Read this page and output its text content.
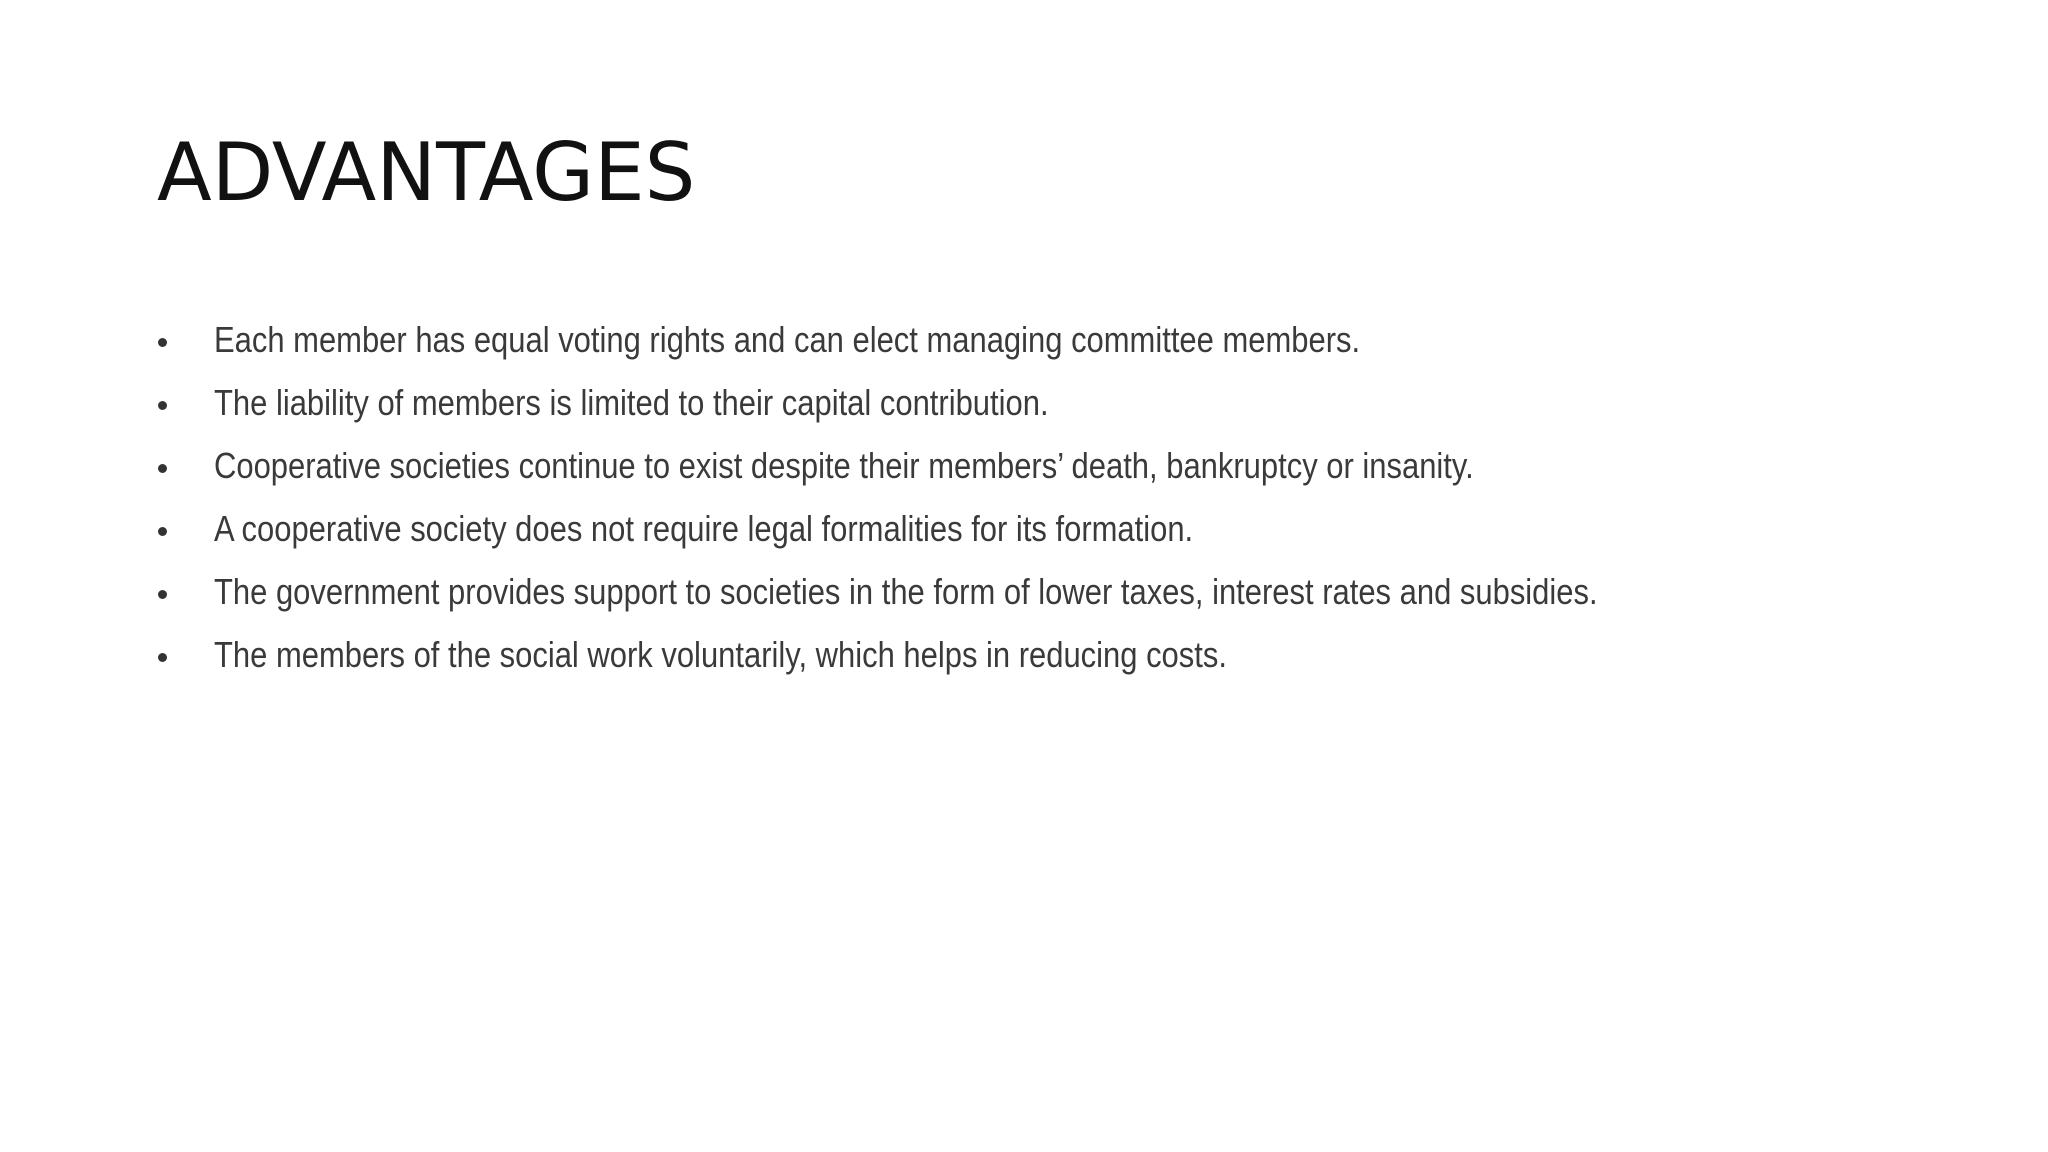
ADVANTAGES
Each member has equal voting rights and can elect managing committee members.
The liability of members is limited to their capital contribution.
Cooperative societies continue to exist despite their members’ death, bankruptcy or insanity.
A cooperative society does not require legal formalities for its formation.
The government provides support to societies in the form of lower taxes, interest rates and subsidies.
The members of the social work voluntarily, which helps in reducing costs.
